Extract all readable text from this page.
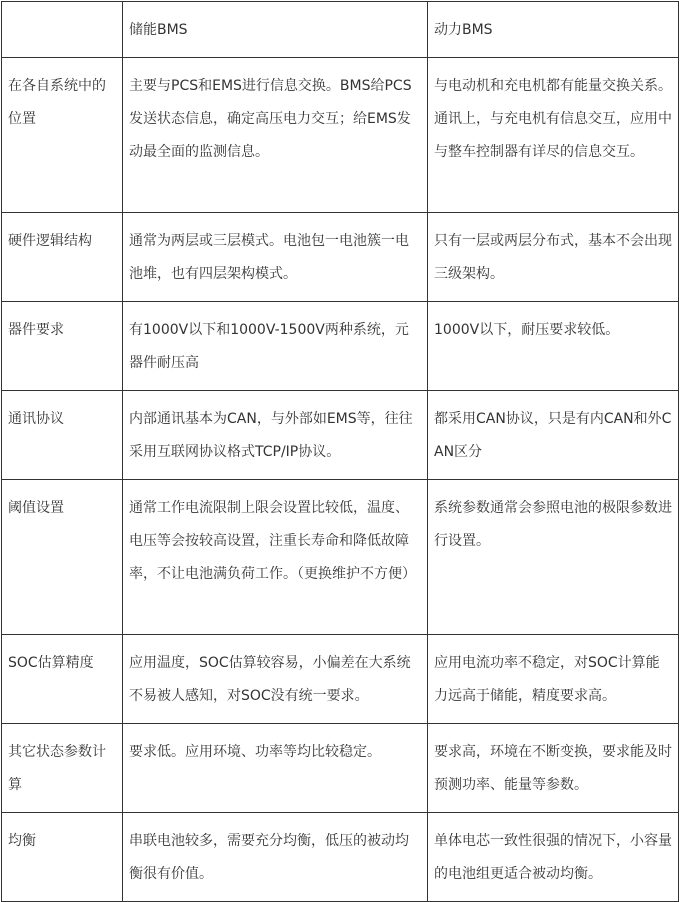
	储能BMS	动力BMS

在各自系统中的位置	主要与PCS和EMS进行信息交换。BMS给PCS发送状态信息，确定高压电力交互；给EMS发动最全面的监测信息。	与电动机和充电机都有能量交换关系。通讯上，与充电机有信息交互，应用中与整车控制器有详尽的信息交互。

硬件逻辑结构	通常为两层或三层模式。电池包一电池簇一电池堆，也有四层架构模式。	只有一层或两层分布式，基本不会出现三级架构。

器件要求	有1000V以下和1000V-1500V两种系统，元器件耐压高	1000V以下，耐压要求较低。

通讯协议	内部通讯基本为CAN，与外部如EMS等，往往采用互联网协议格式TCP/IP协议。	都采用CAN协议，只是有内CAN和外CAN区分

阈值设置	通常工作电流限制上限会设置比较低，温度、电压等会按较高设置，注重长寿命和降低故障率，不让电池满负荷工作。（更换维护不方便）	系统参数通常会参照电池的极限参数进行设置。

SOC估算精度	应用温度，SOC估算较容易，小偏差在大系统不易被人感知，对SOC没有统一要求。	应用电流功率不稳定，对SOC计算能力远高于储能，精度要求高。

其它状态参数计算	要求低。应用环境、功率等均比较稳定。	要求高，环境在不断变换，要求能及时预测功率、能量等参数。

均衡	串联电池较多，需要充分均衡，低压的被动均衡很有价值。	单体电芯一致性很强的情况下，小容量的电池组更适合被动均衡。
